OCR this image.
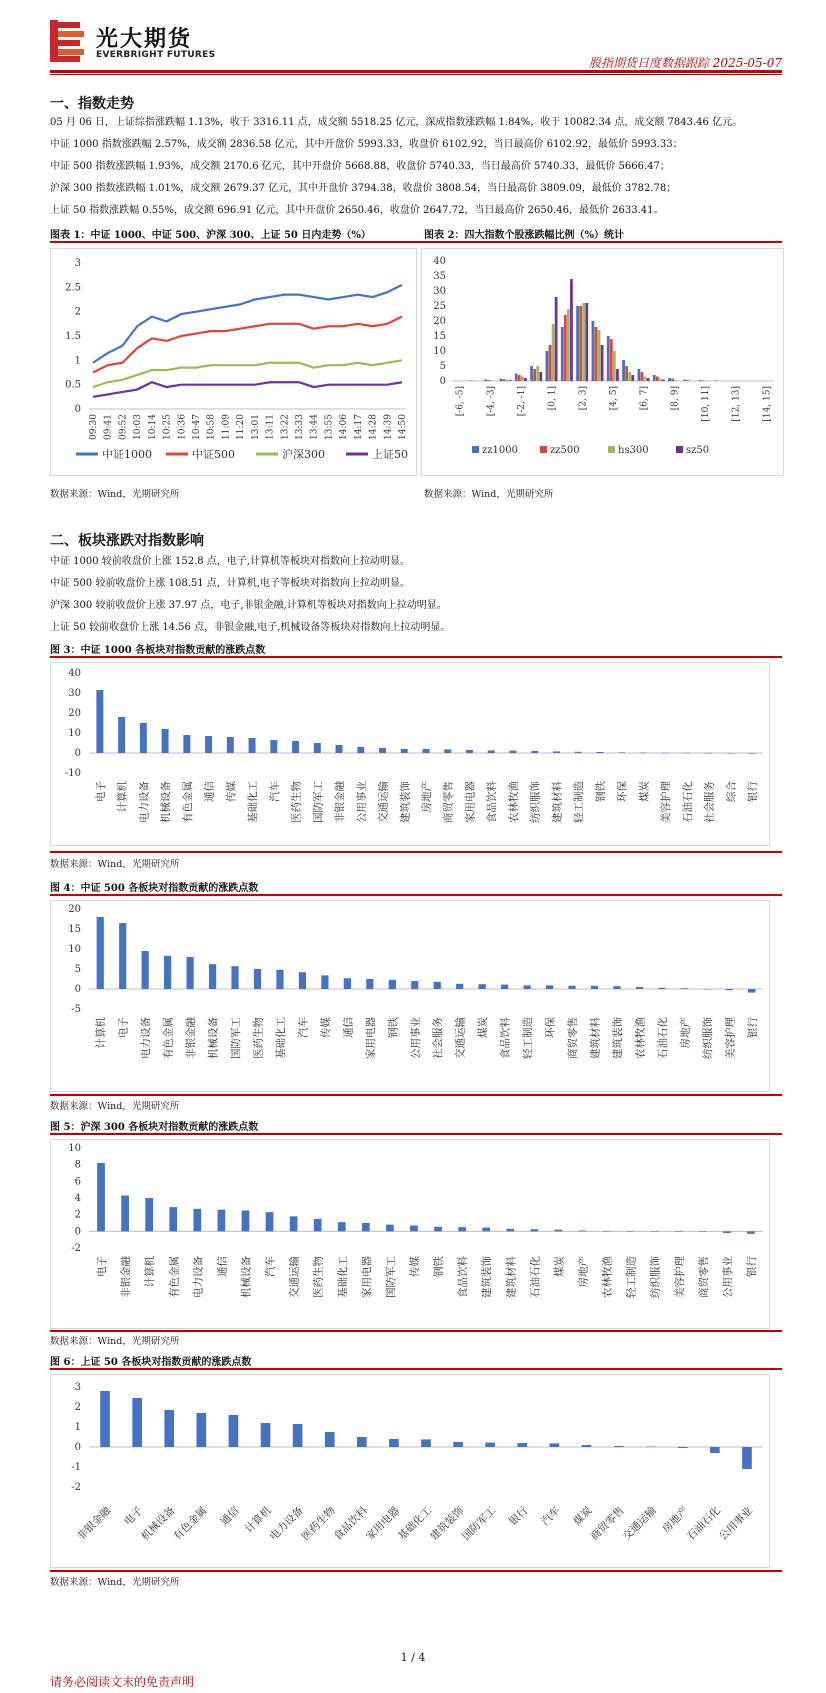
光大期货
EVERBRIGHT FUTURES
股指期货日度数据跟踪 2025-05-07
一、指数走势
05 月 06 日，上证综指涨跌幅 1.13%，收于 3316.11 点，成交额 5518.25 亿元，深成指数涨跌幅 1.84%，收于 10082.34 点，成交额 7843.46 亿元。
中证 1000 指数涨跌幅 2.57%，成交额 2836.58 亿元，其中开盘价 5993.33，收盘价 6102.92，当日最高价 6102.92，最低价 5993.33；
中证 500 指数涨跌幅 1.93%，成交额 2170.6 亿元，其中开盘价 5668.88，收盘价 5740.33，当日最高价 5740.33，最低价 5666.47；
沪深 300 指数涨跌幅 1.01%，成交额 2679.37 亿元，其中开盘价 3794.38，收盘价 3808.54，当日最高价 3809.09，最低价 3782.78；
上证 50 指数涨跌幅 0.55%，成交额 696.91 亿元，其中开盘价 2650.46，收盘价 2647.72，当日最高价 2650.46，最低价 2633.41。
图表 1：中证 1000、中证 500、沪深 300、上证 50 日内走势（%）	图表 2：四大指数个股涨跌幅比例（%）统计
0
0.5
1
1.5
2
2.5
3
09:30 09:41 09:52 10:03 10:14 10:25 10:36 10:47 10:58 11:09 11:20 13:01 13:11 13:22 13:33 13:44 13:55 14:06 14:17 14:28 14:39 14:50
中证1000	中证500	沪深300	上证50
0
5
10
15
20
25
30
35
40
[-6, -5] [-4, -3] [-2, -1] [0, 1] [2, 3] [4, 5] [6, 7] [8, 9] [10, 11] [12, 13] [14, 15]
zz1000	zz500	hs300	sz50
数据来源：Wind，光期研究所	数据来源：Wind，光期研究所
二、板块涨跌对指数影响
中证 1000 较前收盘价上涨 152.8 点，电子,计算机等板块对指数向上拉动明显。
中证 500 较前收盘价上涨 108.51 点，计算机,电子等板块对指数向上拉动明显。
沪深 300 较前收盘价上涨 37.97 点，电子,非银金融,计算机等板块对指数向上拉动明显。
上证 50 较前收盘价上涨 14.56 点，非银金融,电子,机械设备等板块对指数向上拉动明显。
图 3：中证 1000 各板块对指数贡献的涨跌点数
-10
0
10
20
30
40
电子 计算机 电力设备 机械设备 有色金属 通信 传媒 基础化工 汽车 医药生物 国防军工 非银金融 公用事业 交通运输 建筑装饰 房地产 商贸零售 家用电器 食品饮料 农林牧渔 纺织服饰 建筑材料 轻工制造 钢铁 环保 煤炭 美容护理 石油石化 社会服务 综合 银行
数据来源：Wind，光期研究所
图 4：中证 500 各板块对指数贡献的涨跌点数
-5
0
5
10
15
20
计算机 电子 电力设备 有色金属 非银金融 机械设备 国防军工 医药生物 基础化工 汽车 传媒 通信 家用电器 钢铁 公用事业 社会服务 交通运输 煤炭 食品饮料 轻工制造 环保 商贸零售 建筑材料 建筑装饰 农林牧渔 石油石化 房地产 纺织服饰 美容护理 银行
数据来源：Wind，光期研究所
图 5：沪深 300 各板块对指数贡献的涨跌点数
-2
0
2
4
6
8
10
电子 非银金融 计算机 有色金属 电力设备 通信 机械设备 汽车 交通运输 医药生物 基础化工 家用电器 国防军工 传媒 钢铁 食品饮料 建筑装饰 建筑材料 石油石化 煤炭 房地产 农林牧渔 轻工制造 纺织服饰 美容护理 商贸零售 公用事业 银行
数据来源：Wind，光期研究所
图 6：上证 50 各板块对指数贡献的涨跌点数
-2
-1
0
1
2
3
非银金融 电子
机械设备
有色金属 通信 计算机
电力设备
医药生物
食品饮料
家用电器
基础化工
建筑装饰
国防军工 银行 汽车 煤炭
商贸零售
交通运输 房地产
石油石化
公用事业
数据来源：Wind，光期研究所
1 / 4
请务必阅读文末的免责声明
